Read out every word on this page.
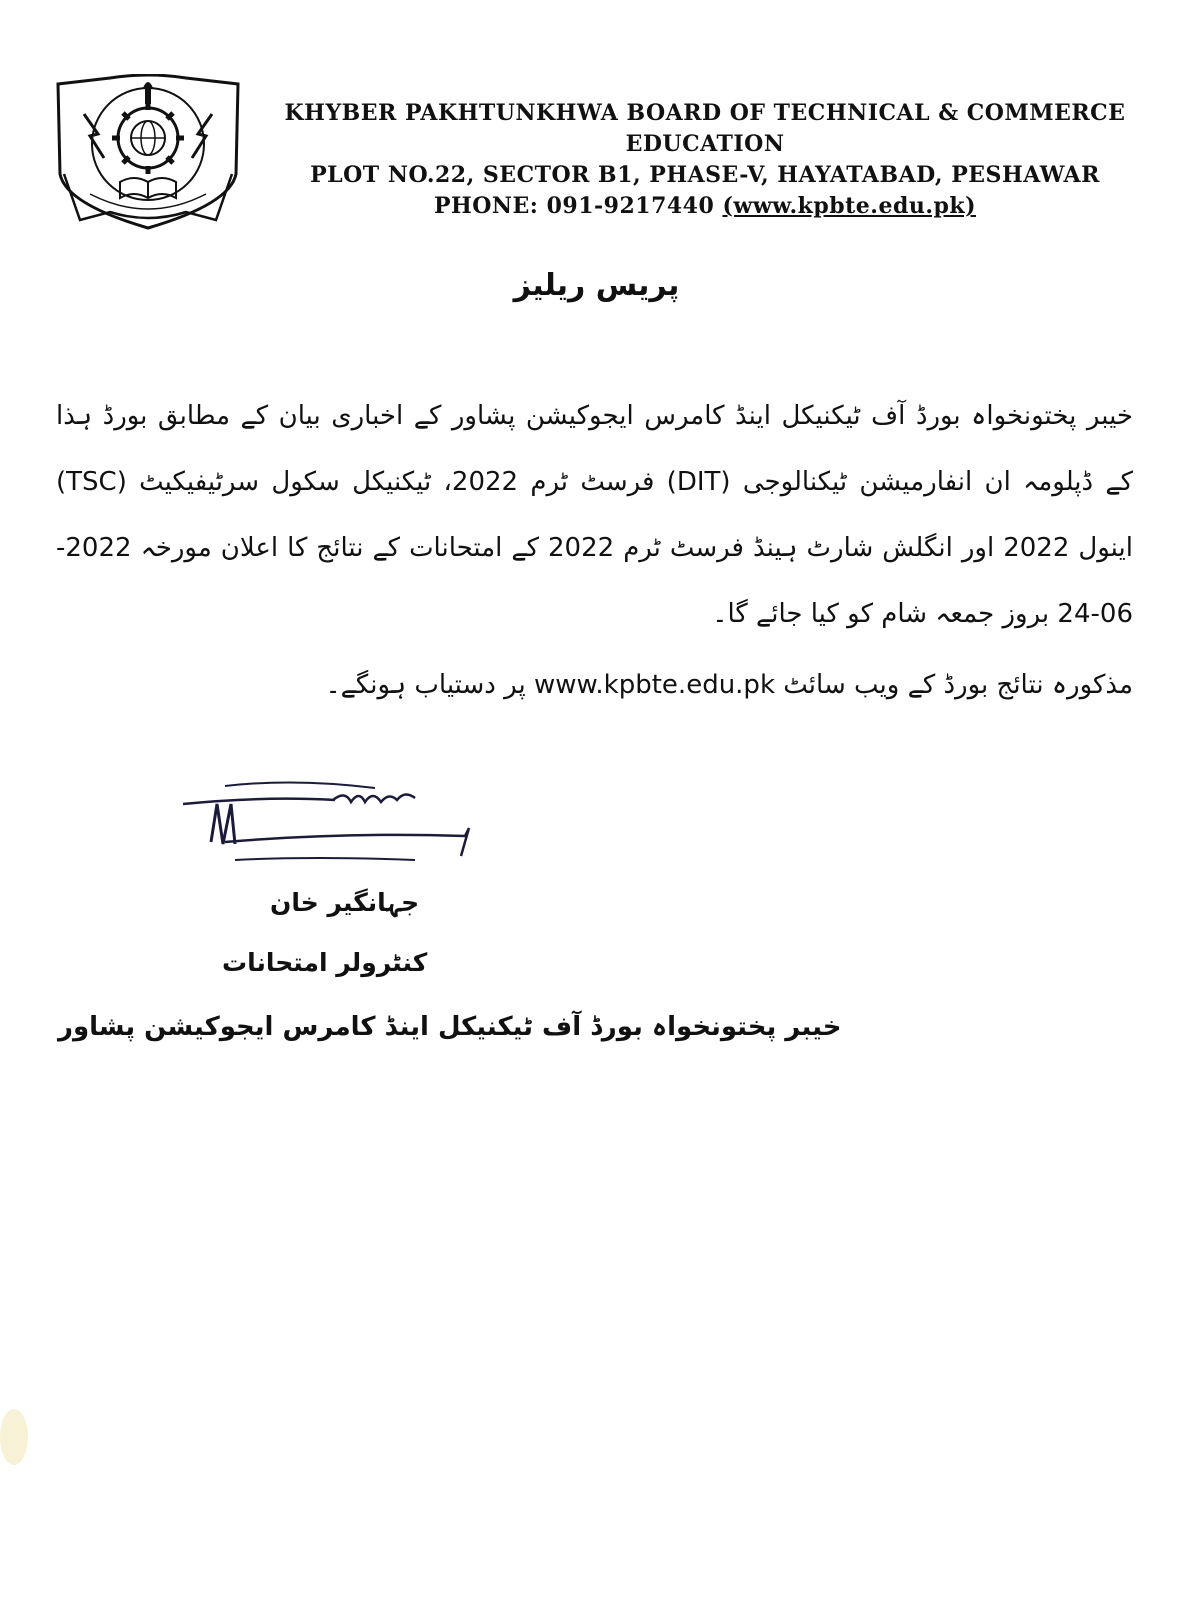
KHYBER PAKHTUNKHWA BOARD OF TECHNICAL & COMMERCE EDUCATION
PLOT NO.22, SECTOR B1, PHASE-V, HAYATABAD, PESHAWAR
PHONE: 091-9217440 (www.kpbte.edu.pk)
پریس ریلیز
خیبر پختونخواہ بورڈ آف ٹیکنیکل اینڈ کامرس ایجوکیشن پشاور کے اخباری بیان کے مطابق بورڈ ہذا کے ڈپلومہ ان انفارمیشن ٹیکنالوجی (DIT) فرسٹ ٹرم 2022، ٹیکنیکل سکول سرٹیفیکیٹ (TSC) اینول 2022 اور انگلش شارٹ ہینڈ فرسٹ ٹرم 2022 کے امتحانات کے نتائج کا اعلان مورخہ 2022-06-24 بروز جمعہ شام کو کیا جائے گا۔
مذکورہ نتائج بورڈ کے ویب سائٹ www.kpbte.edu.pk پر دستیاب ہونگے۔
جہانگیر خان
کنٹرولر امتحانات
خیبر پختونخواہ بورڈ آف ٹیکنیکل اینڈ کامرس ایجوکیشن پشاور
